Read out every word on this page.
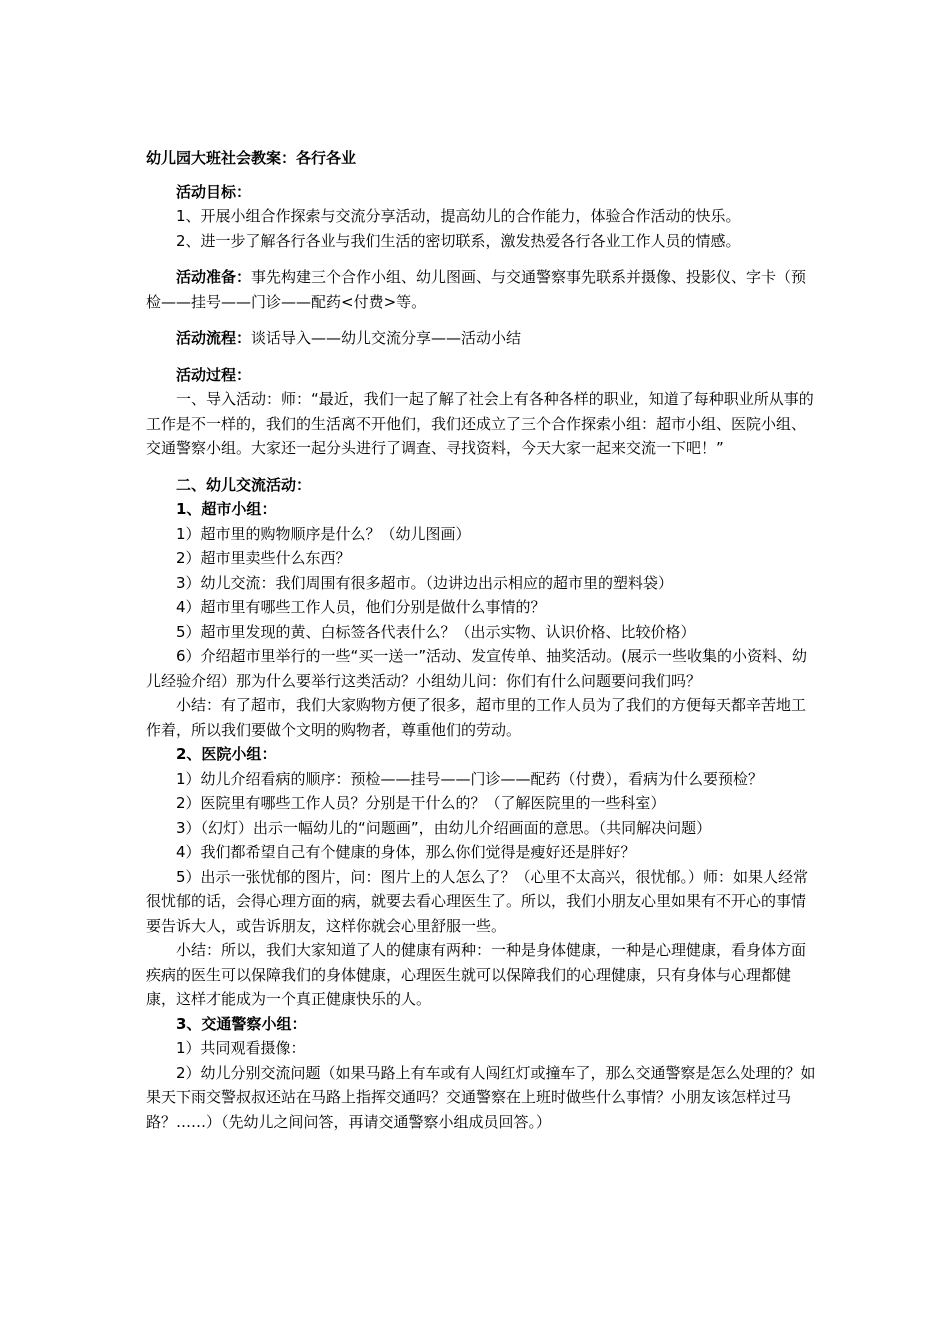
幼儿园大班社会教案：各行各业

活动目标：

1、开展小组合作探索与交流分享活动，提高幼儿的合作能力，体验合作活动的快乐。

2、进一步了解各行各业与我们生活的密切联系，激发热爱各行各业工作人员的情感。

活动准备：事先构建三个合作小组、幼儿图画、与交通警察事先联系并摄像、投影仪、字卡（预检——挂号——门诊——配药<付费>等。

活动流程：谈话导入——幼儿交流分享——活动小结

活动过程：

一、导入活动：师：“最近，我们一起了解了社会上有各种各样的职业，知道了每种职业所从事的工作是不一样的，我们的生活离不开他们，我们还成立了三个合作探索小组：超市小组、医院小组、交通警察小组。大家还一起分头进行了调查、寻找资料，今天大家一起来交流一下吧！”

二、幼儿交流活动：

1、超市小组：

1）超市里的购物顺序是什么？（幼儿图画）

2）超市里卖些什么东西？

3）幼儿交流：我们周围有很多超市。（边讲边出示相应的超市里的塑料袋）

4）超市里有哪些工作人员，他们分别是做什么事情的？

5）超市里发现的黄、白标签各代表什么？（出示实物、认识价格、比较价格）

6）介绍超市里举行的一些“买一送一”活动、发宣传单、抽奖活动。(展示一些收集的小资料、幼儿经验介绍）那为什么要举行这类活动？小组幼儿问：你们有什么问题要问我们吗？

小结：有了超市，我们大家购物方便了很多，超市里的工作人员为了我们的方便每天都辛苦地工作着，所以我们要做个文明的购物者，尊重他们的劳动。

2、医院小组：

1）幼儿介绍看病的顺序：预检——挂号——门诊——配药（付费），看病为什么要预检？

2）医院里有哪些工作人员？分别是干什么的？（了解医院里的一些科室）

3）（幻灯）出示一幅幼儿的“问题画”，由幼儿介绍画面的意思。（共同解决问题）

4）我们都希望自己有个健康的身体，那么你们觉得是瘦好还是胖好？

5）出示一张忧郁的图片，问：图片上的人怎么了？（心里不太高兴，很忧郁。）师：如果人经常很忧郁的话，会得心理方面的病，就要去看心理医生了。所以，我们小朋友心里如果有不开心的事情要告诉大人，或告诉朋友，这样你就会心里舒服一些。

小结：所以，我们大家知道了人的健康有两种：一种是身体健康，一种是心理健康，看身体方面疾病的医生可以保障我们的身体健康，心理医生就可以保障我们的心理健康，只有身体与心理都健康，这样才能成为一个真正健康快乐的人。

3、交通警察小组：

1）共同观看摄像：

2）幼儿分别交流问题（如果马路上有车或有人闯红灯或撞车了，那么交通警察是怎么处理的？如果天下雨交警叔叔还站在马路上指挥交通吗？交通警察在上班时做些什么事情？小朋友该怎样过马路？……）（先幼儿之间问答，再请交通警察小组成员回答。）
